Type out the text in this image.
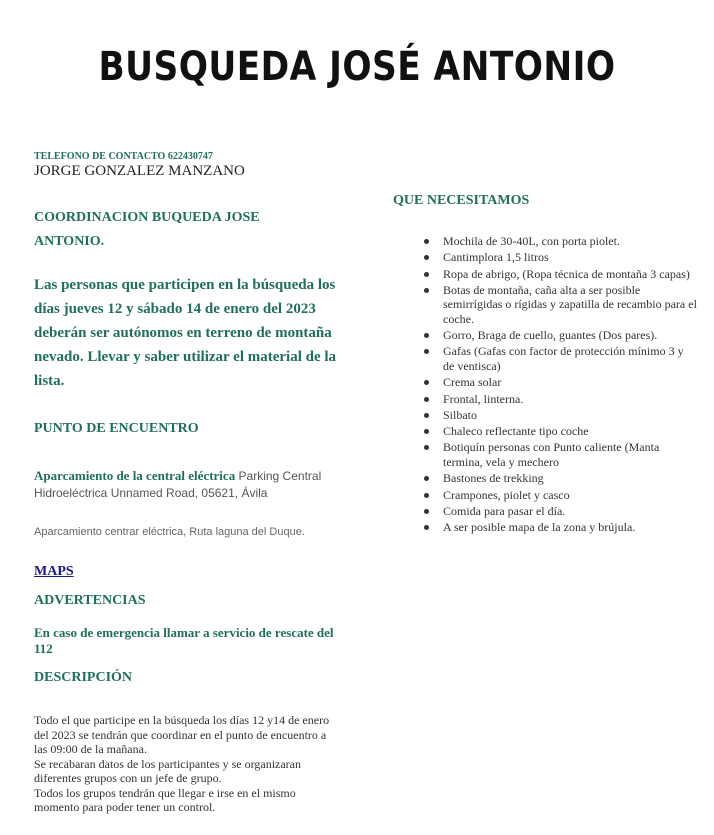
BUSQUEDA JOSÉ ANTONIO
TELEFONO DE CONTACTO 622430747
JORGE GONZALEZ MANZANO
COORDINACION BUQUEDA JOSE ANTONIO.
Las personas que participen en la búsqueda los días jueves 12 y sábado 14 de enero del 2023 deberán ser autónomos en terreno de montaña nevado. Llevar y saber utilizar el material de la lista.
PUNTO DE ENCUENTRO
Aparcamiento de la central eléctrica Parking Central Hidroeléctrica Unnamed Road, 05621, Ávila
Aparcamiento centrar eléctrica, Ruta laguna del Duque.
MAPS
ADVERTENCIAS
En caso de emergencia llamar a servicio de rescate del 112
DESCRIPCIÓN

Todo el que participe en la búsqueda los días 12 y14 de enero del 2023 se tendrán que coordinar en el punto de encuentro a las 09:00 de la mañana.

Se recabaran datos de los participantes y se organizaran diferentes grupos con un jefe de grupo.

Todos los grupos tendrán que llegar e irse en el mismo momento para poder tener un control.

QUE NECESITAMOS
Mochila de 30-40L, con porta piolet.
Cantimplora 1,5 litros
Ropa de abrigo, (Ropa técnica de montaña 3 capas)
Botas de montaña, caña alta a ser posible semirrígidas o rígidas y zapatilla de recambio para el coche.
Gorro, Braga de cuello, guantes (Dos pares).
Gafas (Gafas con factor de protección mínimo 3 y de ventisca)
Crema solar
Frontal, linterna.
Silbato
Chaleco reflectante tipo coche
Botiquín personas con Punto caliente (Manta termina, vela y mechero
Bastones de trekking
Crampones, piolet y casco
Comida para pasar el día.
A ser posible mapa de la zona y brújula.
